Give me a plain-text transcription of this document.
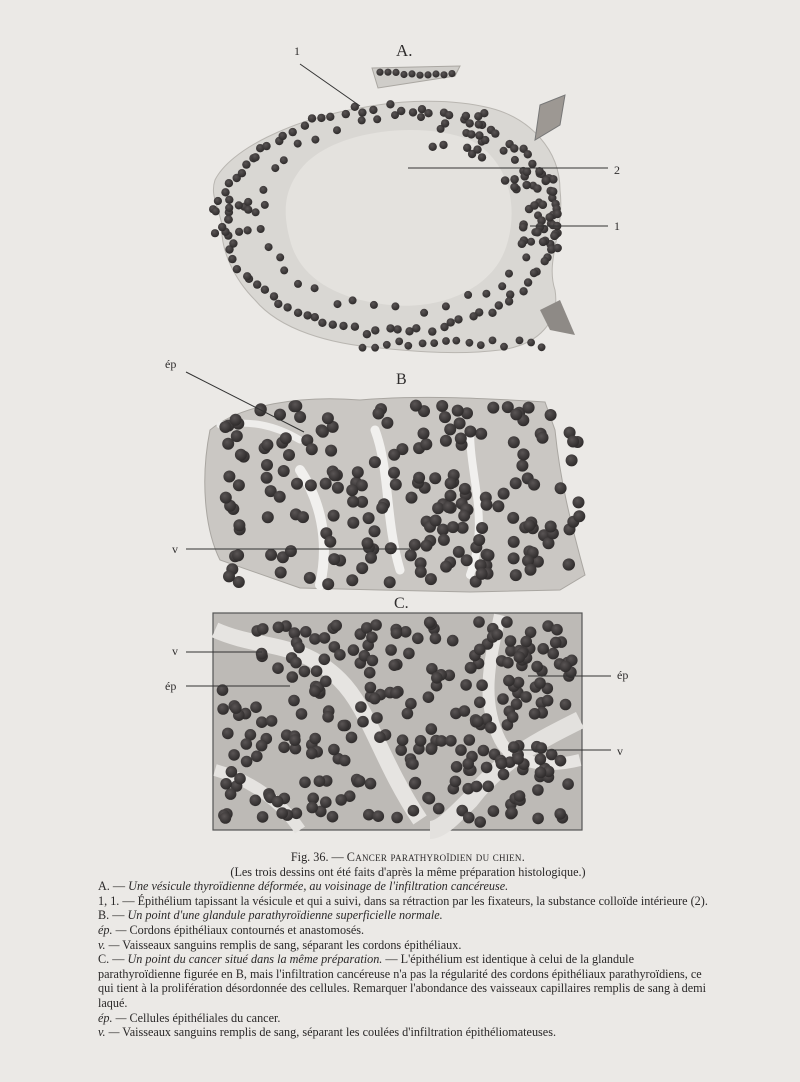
A.
B
C.
1
2
1
ép
v
v
ép
ép
v

Fig. 36. — Cancer parathyroïdien du chien.

(Les trois dessins ont été faits d'après la même préparation histologique.)

A. — Une vésicule thyroïdienne déformée, au voisinage de l'infiltration cancéreuse.

1, 1. — Épithélium tapissant la vésicule et qui a suivi, dans sa rétraction par les fixateurs, la substance colloïde intérieure (2).

B. — Un point d'une glandule parathyroïdienne superficielle normale.

ép. — Cordons épithéliaux contournés et anastomosés.

v. — Vaisseaux sanguins remplis de sang, séparant les cordons épithéliaux.

C. — Un point du cancer situé dans la même préparation. — L'épithélium est identique à celui de la glandule parathyroïdienne figurée en B, mais l'infiltration cancéreuse n'a pas la régularité des cordons épithéliaux parathyroïdiens, ce qui tient à la prolifération désordonnée des cellules. Remarquer l'abondance des vaisseaux capillaires remplis de sang à demi laqué.

ép. — Cellules épithéliales du cancer.

v. — Vaisseaux sanguins remplis de sang, séparant les coulées d'infiltration épithéliomateuses.
